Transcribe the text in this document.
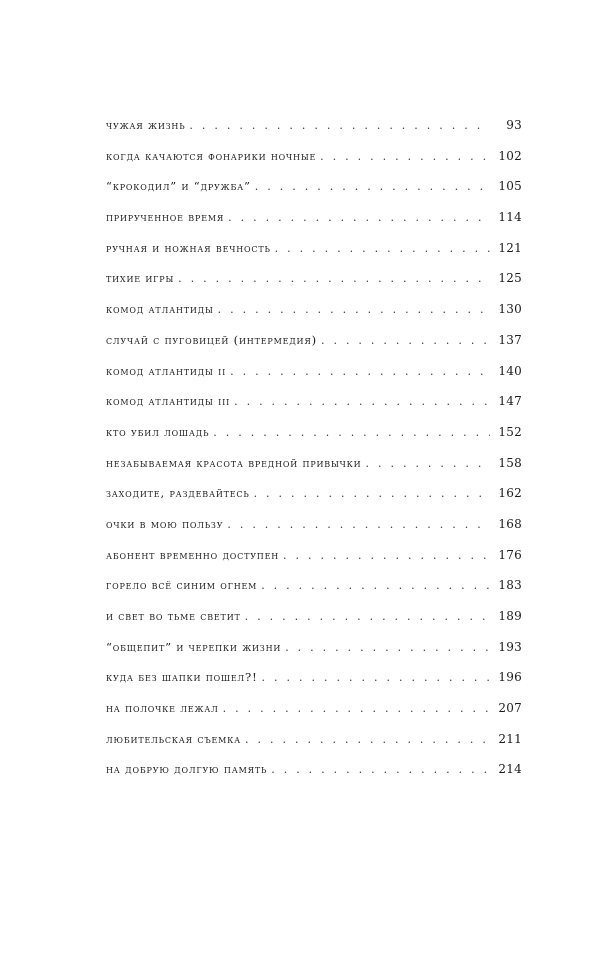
чужая жизнь . . .	93
когда качаются фонарики ночные . . .	102
“крокодил” и “дружба” . . .	105
прирученное время . . .	114
ручная и ножная вечность . . .	121
тихие игры . . .	125
комод атлантиды . . .	130
случай с пуговицей (интермедия) . . .	137
комод атлантиды ii . . .	140
комод атлантиды iii . . .	147
кто убил лошадь . . .	152
незабываемая красота вредной привычки . . .	158
заходите, раздевайтесь . . .	162
очки в мою пользу . . .	168
абонент временно доступен . . .	176
горело всё синим огнем . . .	183
и свет во тьме светит . . .	189
“общепит” и черепки жизни . . .	193
куда без шапки пошел?! . . .	196
на полочке лежал . . .	207
любительская съемка . . .	211
на добрую долгую память . . .	214
